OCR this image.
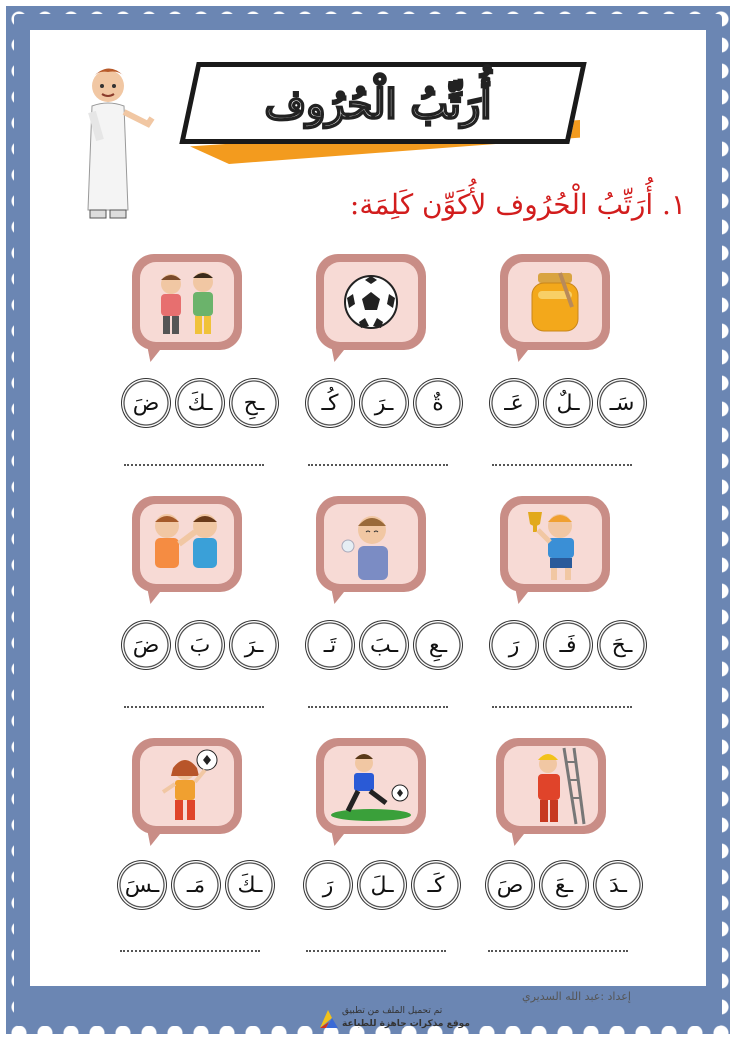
أُرَتِّبُ الْحُرُوف
١. أُرَتِّبُ الْحُرُوف لأُكَوِّن كَلِمَة:
سَـ
ـلٌ
عَـ
ةٌ
ـرَ
كُـ
ـحِ
ـكَ
ضَ
ـحَ
فَـ
رَ
ـعِ
ـبَ
تَـ
ـرَ
بَ
ضَ
ـدَ
ـعَ
صَ
كَـ
ـلَ
رَ
ـكَ
مَـ
ـسَ
إعداد :عبد الله السديري
تم تحميل الملف من تطبيق
موقع مذكرات جاهزة للطباعة
